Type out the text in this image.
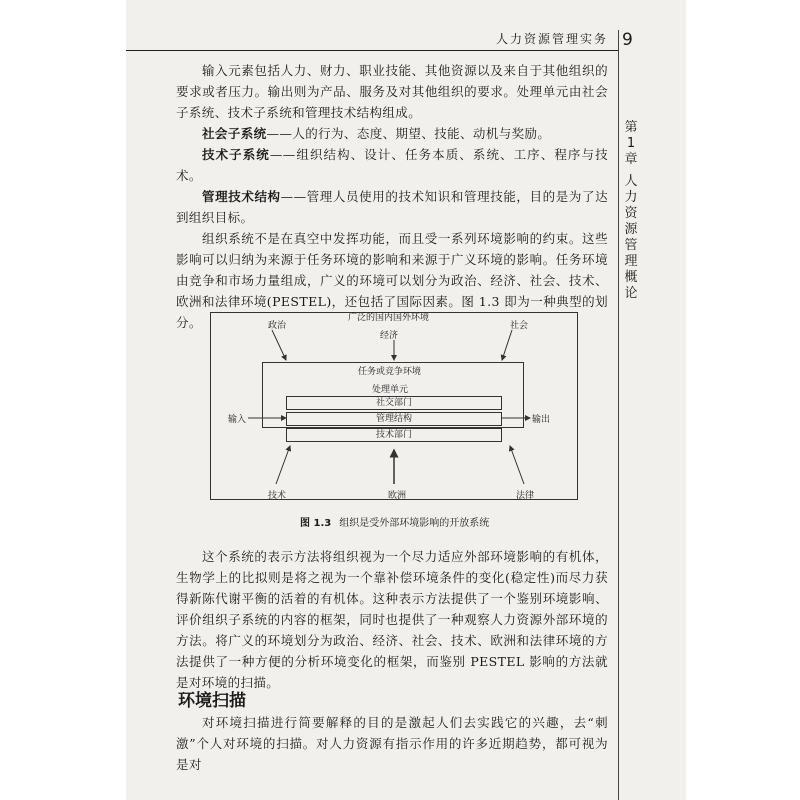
人力资源管理实务 9
第
1
章
人
力
资
源
管
理
概
论
输入元素包括人力、财力、职业技能、其他资源以及来自于其他组织的要求或者压力。输出则为产品、服务及对其他组织的要求。处理单元由社会子系统、技术子系统和管理技术结构组成。
社会子系统——人的行为、态度、期望、技能、动机与奖励。
技术子系统——组织结构、设计、任务本质、系统、工序、程序与技术。
管理技术结构——管理人员使用的技术知识和管理技能，目的是为了达到组织目标。
组织系统不是在真空中发挥功能，而且受一系列环境影响的约束。这些影响可以归纳为来源于任务环境的影响和来源于广义环境的影响。任务环境由竞争和市场力量组成，广义的环境可以划分为政治、经济、社会、技术、欧洲和法律环境(PESTEL)，还包括了国际因素。图 1.3 即为一种典型的划分。	广泛的国内国外环境
政治
经济
社会
技术	欧洲	法律
任务或竞争环境
处理单元
社交部门
管理结构
技术部门
输入	输出
图 1.3 组织是受外部环境影响的开放系统
这个系统的表示方法将组织视为一个尽力适应外部环境影响的有机体，生物学上的比拟则是将之视为一个靠补偿环境条件的变化(稳定性)而尽力获得新陈代谢平衡的活着的有机体。这种表示方法提供了一个鉴别环境影响、评价组织子系统的内容的框架，同时也提供了一种观察人力资源外部环境的方法。将广义的环境划分为政治、经济、社会、技术、欧洲和法律环境的方法提供了一种方便的分析环境变化的框架，而鉴别 PESTEL 影响的方法就是对环境的扫描。
环境扫描
对环境扫描进行简要解释的目的是激起人们去实践它的兴趣，去“刺激”个人对环境的扫描。对人力资源有指示作用的许多近期趋势，都可视为是对
